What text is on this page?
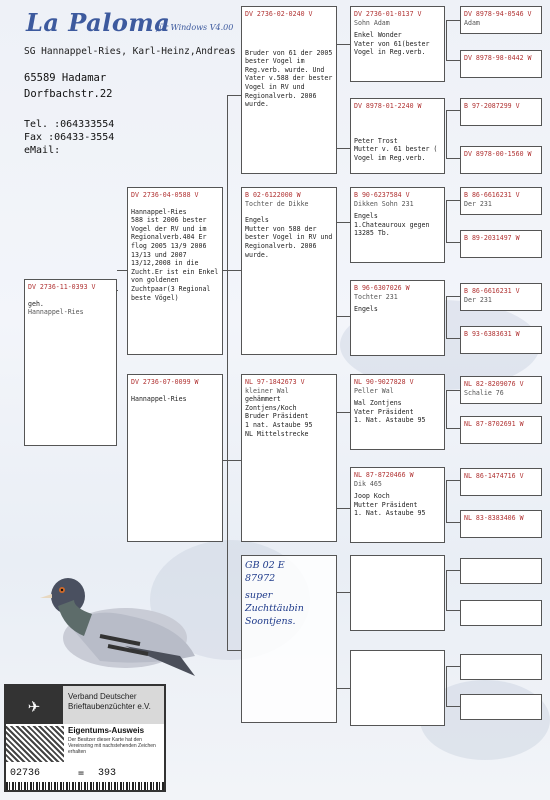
La Paloma
für Windows V4.00
SG Hannappel-Ries, Karl-Heinz,Andreas
65589 Hadamar
Dorfbachstr.22
Tel. :064333554
Fax :06433-3554
eMail:
DV 2736-11-0393 V
geh.
Hannappel-Ries
DV 2736-04-0588 V
Hannappel-Ries
588 ist 2006 bester Vogel der RV und im Regionalverb.404 Er flog 2005 13/9 2006 13/13 und 2007 13/12,2008 in die Zucht.Er ist ein Enkel von goldenen Zuchtpaar(3 Regional beste Vögel)
DV 2736-07-0099 W
Hannappel-Ries
DV 2736-02-0240 V
Bruder von 61 der 2005 bester Vogel im Reg.verb. wurde. Und Vater v.588 der bester Vogel in RV und Regionalverb. 2006 wurde.
B 02-6122000 W
Tochter de Dikke
Engels
Mutter von 588 der bester Vogel in RV und Regionalverb. 2006 wurde.
NL 97-1842673 V
kleiner Wal
gehämmert
Zontjens/Koch
Bruder Präsident
1 nat. Astaube 95
NL Mittelstrecke
GB 02 E
87972
super
Zuchttäubin
Soontjens.
DV 2736-01-0137 V
Sohn Adam
Enkel Wonder
Vater von 61(bester Vogel in Reg.verb.
DV 8978-01-2240 W
Peter Trost
Mutter v. 61 bester ( Vogel im Reg.verb.
B 90-6237584 V
Dikken Sohn 231
Engels
1.Chateauroux gegen 13285 Tb.
B 96-6307026 W
Tochter 231
Engels
NL 90-9027828 V
Peller Wal
Wal Zontjens
Vater Präsident
1. Nat. Astaube 95
NL 87-8720466 W
Dik 465
Joop Koch
Mutter Präsident
1. Nat. Astaube 95
DV 8978-94-0546 V
Adam
DV 8978-98-0442 W
B 97-2087299 V
DV 8978-00-1560 W
B 86-6616231 V
Der 231
B 89-2031497 W
B 86-6616231 V
Der 231
B 93-6383631 W
NL 82-8209076 V
Schalie 76
NL 87-8702691 W
NL 86-1474716 V
NL 83-8383406 W
✈	Verband Deutscher
Brieftaubenzüchter e.V.
Eigentums-Ausweis
Der Besitzer dieser Karte hat den Vereinsring mit nachstehenden Zeichen erhalten
02736	= 393
